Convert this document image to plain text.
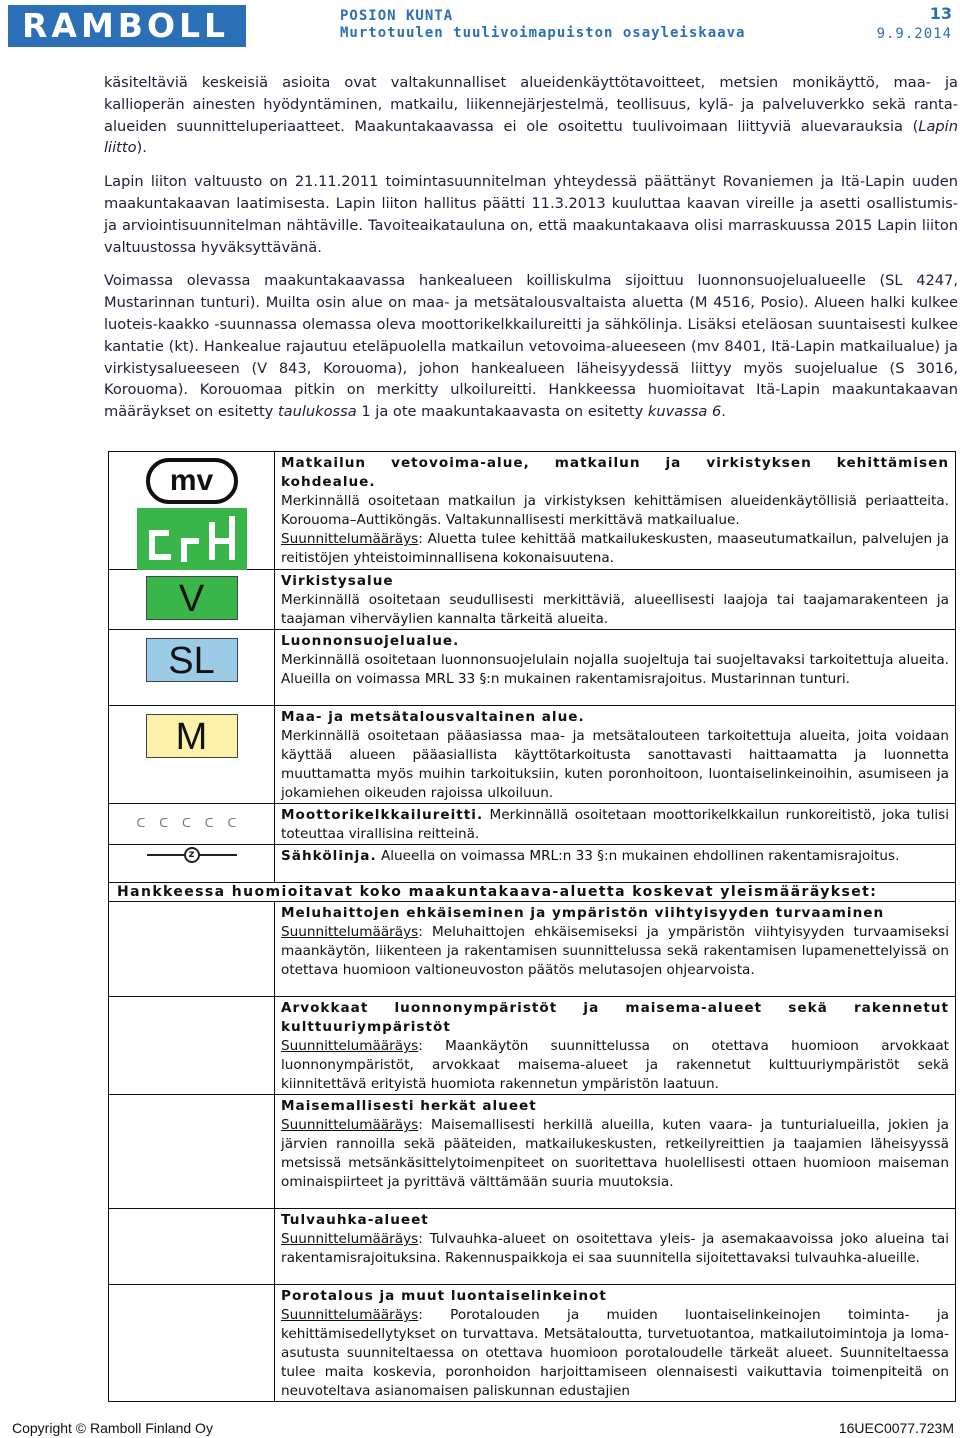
RAMBOLL	POSION KUNTA
Murtotuulen tuulivoimapuiston osayleiskaava
13
9.9.2014

käsiteltäviä keskeisiä asioita ovat valtakunnalliset alueidenkäyttötavoitteet, metsien monikäyttö, maa- ja kallioperän ainesten hyödyntäminen, matkailu, liikennejärjestelmä, teollisuus, kylä- ja palveluverkko sekä ranta-alueiden suunnitteluperiaatteet. Maakuntakaavassa ei ole osoitettu tuulivoimaan liittyviä aluevarauksia (Lapin liitto).

Lapin liiton valtuusto on 21.11.2011 toimintasuunnitelman yhteydessä päättänyt Rovaniemen ja Itä-Lapin uuden maakuntakaavan laatimisesta. Lapin liiton hallitus päätti 11.3.2013 kuuluttaa kaavan vireille ja asetti osallistumis- ja arviointisuunnitelman nähtäville. Tavoiteaikatauluna on, että maakuntakaava olisi marraskuussa 2015 Lapin liiton valtuustossa hyväksyttävänä.

Voimassa olevassa maakuntakaavassa hankealueen koilliskulma sijoittuu luonnonsuojelualueelle (SL 4247, Mustarinnan tunturi). Muilta osin alue on maa- ja metsätalousvaltaista aluetta (M 4516, Posio). Alueen halki kulkee luoteis-kaakko -suunnassa olemassa oleva moottorikelkkailureitti ja sähkölinja. Lisäksi eteläosan suuntaisesti kulkee kantatie (kt). Hankealue rajautuu eteläpuolella matkailun vetovoima-alueeseen (mv 8401, Itä-Lapin matkailualue) ja virkistysalueeseen (V 843, Korouoma), johon hankealueen läheisyydessä liittyy myös suojelualue (S 3016, Korouoma). Korouomaa pitkin on merkitty ulkoilureitti. Hankkeessa huomioitavat Itä-Lapin maakuntakaavan määräykset on esitetty taulukossa 1 ja ote maakuntakaavasta on esitetty kuvassa 6.

mv	Matkailun vetovoima-alue, matkailun ja virkistyksen kehittämisen kohdealue.
Merkinnällä osoitetaan matkailun ja virkistyksen kehittämisen alueidenkäytöllisiä periaatteita. Korouoma–Auttiköngäs. Valtakunnallisesti merkittävä matkailualue.
Suunnittelumääräys: Aluetta tulee kehittää matkailukeskusten, maaseutumatkailun, palvelujen ja reitistöjen yhteistoiminnallisena kokonaisuutena.

V	Virkistysalue
Merkinnällä osoitetaan seudullisesti merkittäviä, alueellisesti laajoja tai taajamarakenteen ja taajaman viherväylien kannalta tärkeitä alueita.

SL	Luonnonsuojelualue.
Merkinnällä osoitetaan luonnonsuojelulain nojalla suojeltuja tai suojeltavaksi tarkoitettuja alueita. Alueilla on voimassa MRL 33 §:n mukainen rakentamisrajoitus. Mustarinnan tunturi.

M	Maa- ja metsätalousvaltainen alue.
Merkinnällä osoitetaan pääasiassa maa- ja metsätalouteen tarkoitettuja alueita, joita voidaan käyttää alueen pääasiallista käyttötarkoitusta sanottavasti haittaamatta ja luonnetta muuttamatta myös muihin tarkoituksiin, kuten poronhoitoon, luontaiselinkeinoihin, asumiseen ja jokamiehen oikeuden rajoissa ulkoiluun.

ᑕᑕᑕᑕᑕ	Moottorikelkkailureitti. Merkinnällä osoitetaan moottorikelkkailun runkoreitistö, joka tulisi toteuttaa virallisina reitteinä.

z	Sähkölinja. Alueella on voimassa MRL:n 33 §:n mukainen ehdollinen rakentamisrajoitus.
Hankkeessa huomioitavat koko maakuntakaava-aluetta koskevat yleismääräykset:	

	Meluhaittojen ehkäiseminen ja ympäristön viihtyisyyden turvaaminen
Suunnittelumääräys: Meluhaittojen ehkäisemiseksi ja ympäristön viihtyisyyden turvaamiseksi maankäytön, liikenteen ja rakentamisen suunnittelussa sekä rakentamisen lupamenettelyissä on otettava huomioon valtioneuvoston päätös melutasojen ohjearvoista.

	Arvokkaat luonnonympäristöt ja maisema-alueet sekä rakennetut kulttuuriympäristöt
Suunnittelumääräys: Maankäytön suunnittelussa on otettava huomioon arvokkaat luonnonympäristöt, arvokkaat maisema-alueet ja rakennetut kulttuuriympäristöt sekä kiinnitettävä erityistä huomiota rakennetun ympäristön laatuun.

	Maisemallisesti herkät alueet
Suunnittelumääräys: Maisemallisesti herkillä alueilla, kuten vaara- ja tunturialueilla, jokien ja järvien rannoilla sekä pääteiden, matkailukeskusten, retkeilyreittien ja taajamien läheisyyssä metsissä metsänkäsittelytoimenpiteet on suoritettava huolellisesti ottaen huomioon maiseman ominaispiirteet ja pyrittävä välttämään suuria muutoksia.

	Tulvauhka-alueet
Suunnittelumääräys: Tulvauhka-alueet on osoitettava yleis- ja asemakaavoissa joko alueina tai rakentamisrajoituksina. Rakennuspaikkoja ei saa suunnitella sijoitettavaksi tulvauhka-alueille.

	Porotalous ja muut luontaiselinkeinot
Suunnittelumääräys: Porotalouden ja muiden luontaiselinkeinojen toiminta- ja kehittämisedellytykset on turvattava. Metsätaloutta, turvetuotantoa, matkailutoimintoja ja loma-asutusta suunniteltaessa on otettava huomioon porotaloudelle tärkeät alueet. Suunniteltaessa tulee maita koskevia, poronhoidon harjoittamiseen olennaisesti vaikuttavia toimenpiteitä on neuvoteltava asianomaisen paliskunnan edustajien
Copyright © Ramboll Finland Oy	16UEC0077.723M
